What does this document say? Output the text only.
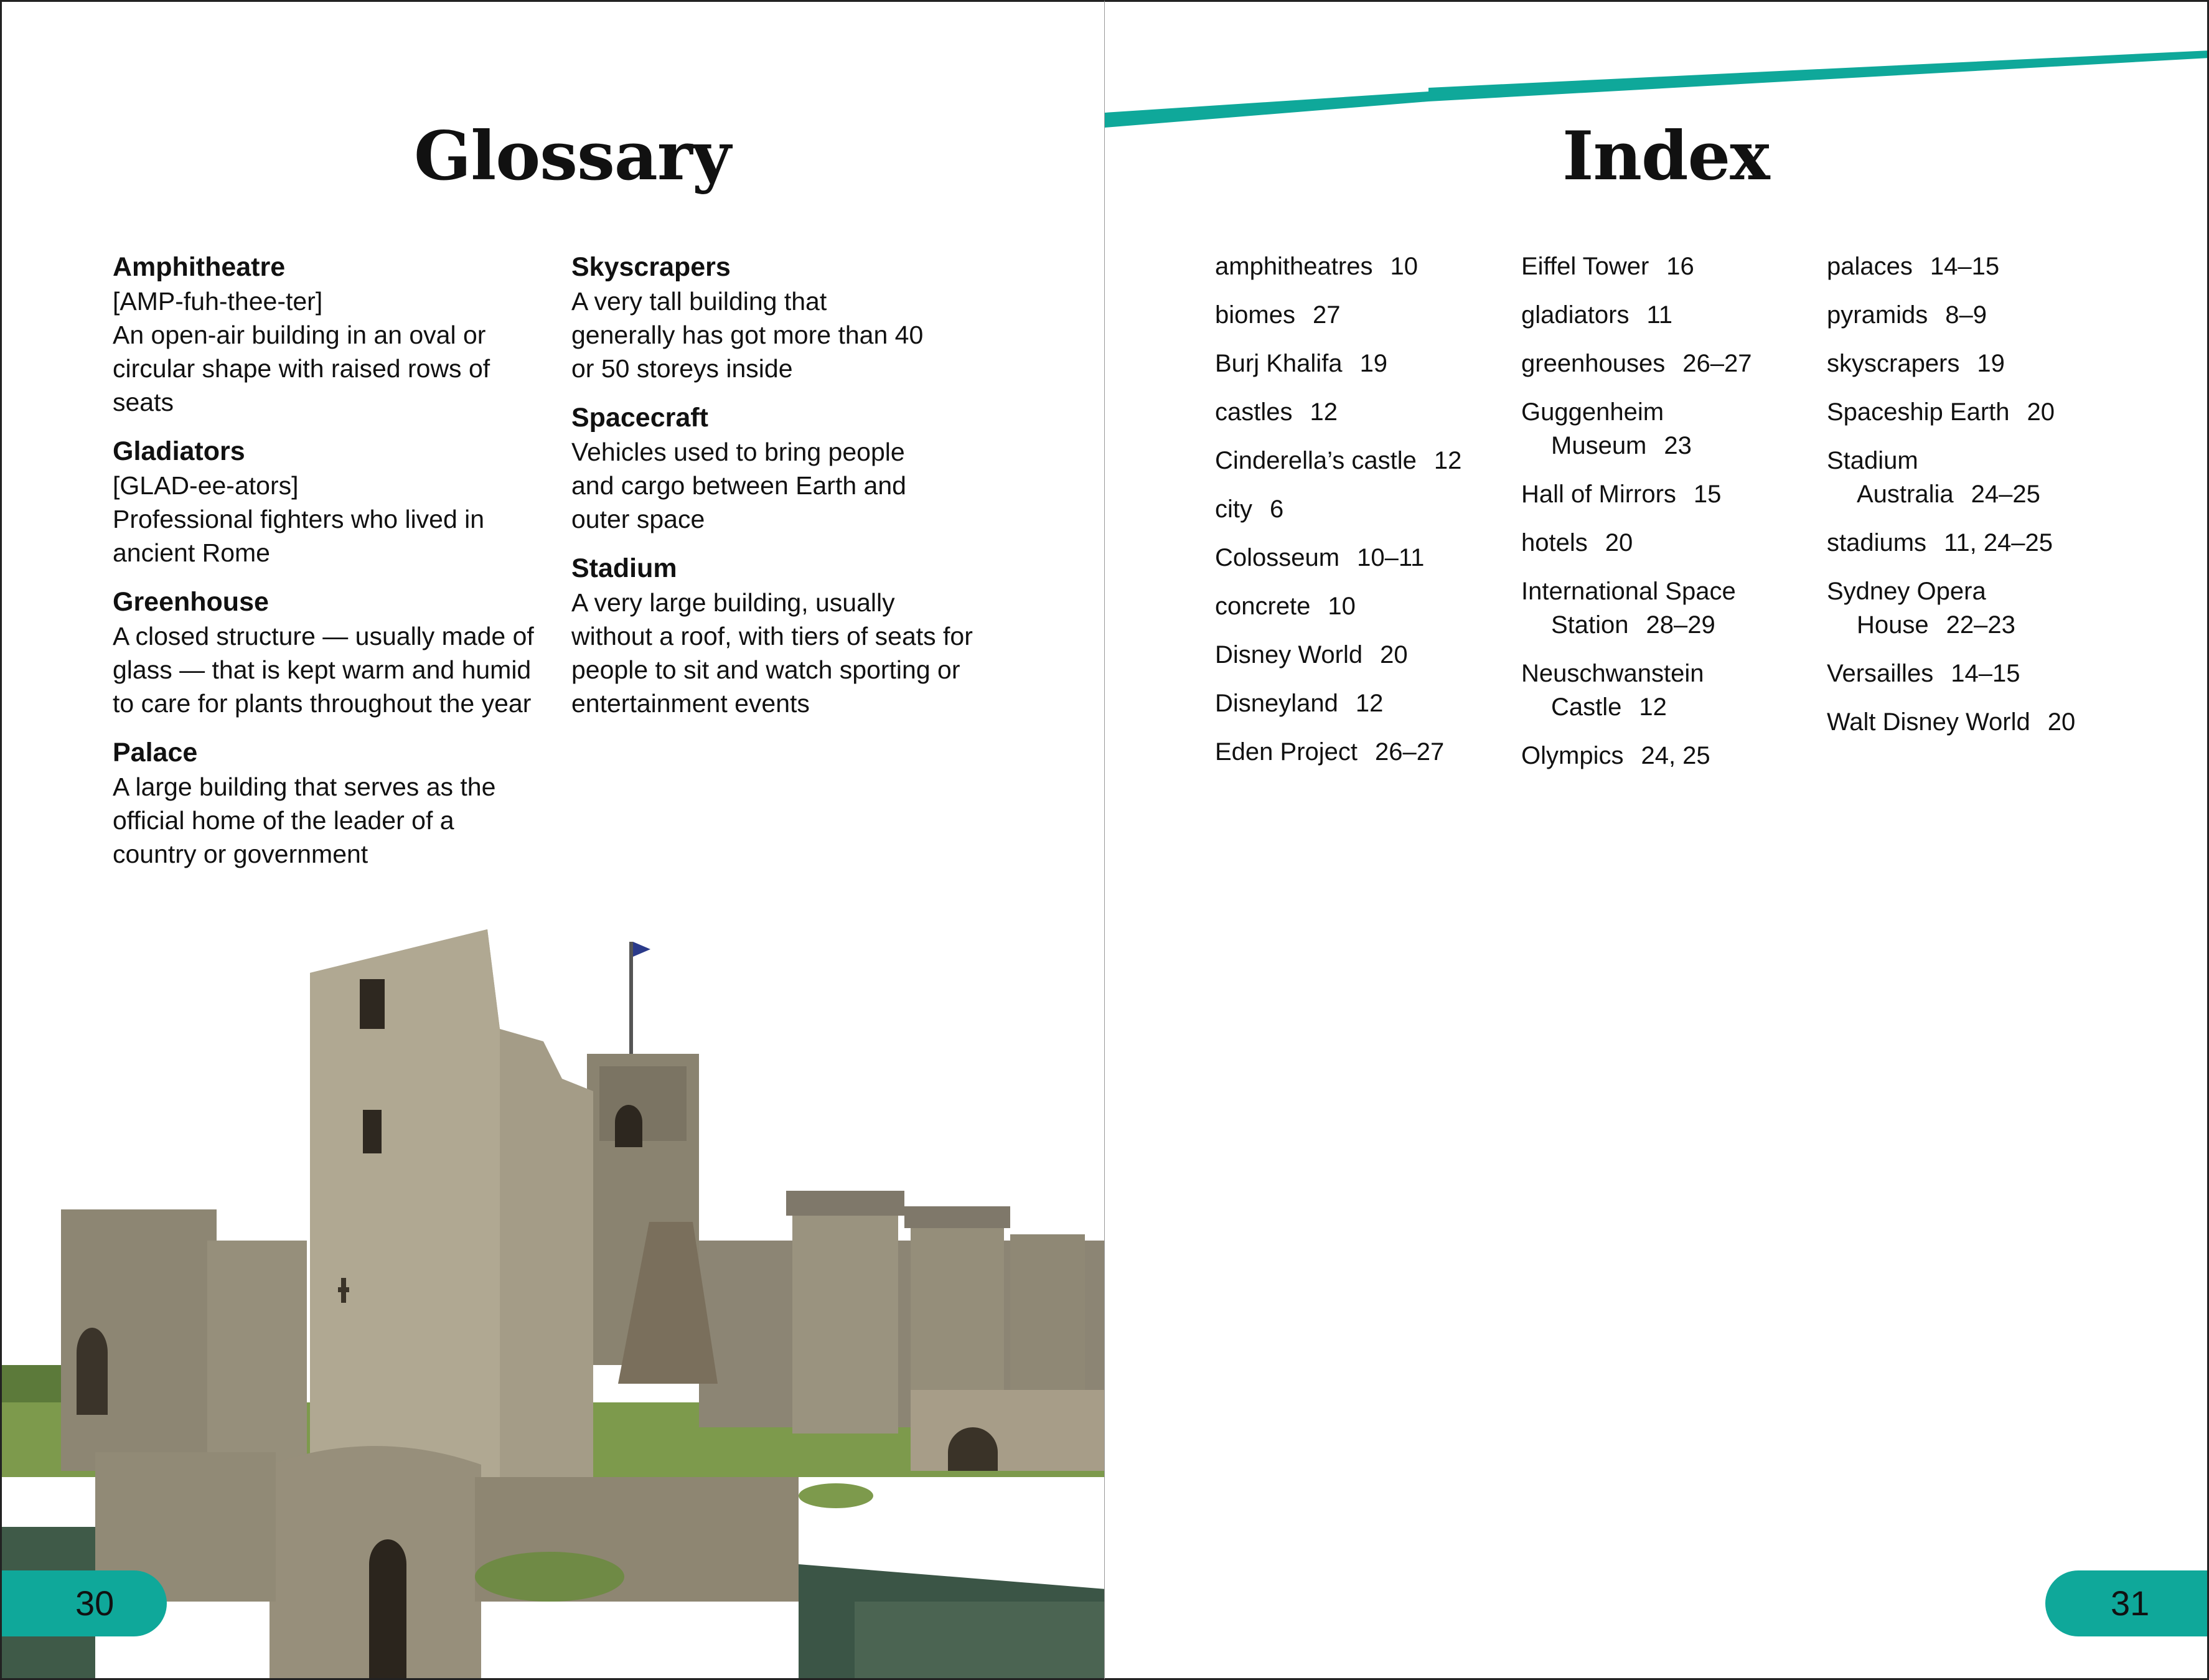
Glossary
Amphitheatre
[AMP-fuh-thee-ter]
An open-air building in an oval or circular shape with raised rows of seats
Gladiators
[GLAD-ee-ators]
Professional fighters who lived in ancient Rome
Greenhouse
A closed structure — usually made of glass — that is kept warm and humid to care for plants throughout the year
Palace
A large building that serves as the official home of the leader of a country or government
Skyscrapers
A very tall building that generally has got more than 40 or 50 storeys inside
Spacecraft
Vehicles used to bring people and cargo between Earth and outer space
Stadium
A very large building, usually without a roof, with tiers of seats for people to sit and watch sporting or entertainment events
30
Index
amphitheatres 10
biomes 27
Burj Khalifa 19
castles 12
Cinderella’s castle 12
city 6
Colosseum 10–11
concrete 10
Disney World 20
Disneyland 12
Eden Project 26–27
Eiffel Tower 16
gladiators 11
greenhouses 26–27
Guggenheim Museum 23
Hall of Mirrors 15
hotels 20
International Space Station 28–29
Neuschwanstein Castle 12
Olympics 24, 25
palaces 14–15
pyramids 8–9
skyscrapers 19
Spaceship Earth 20
Stadium Australia 24–25
stadiums 11, 24–25
Sydney Opera House 22–23
Versailles 14–15
Walt Disney World 20
31
